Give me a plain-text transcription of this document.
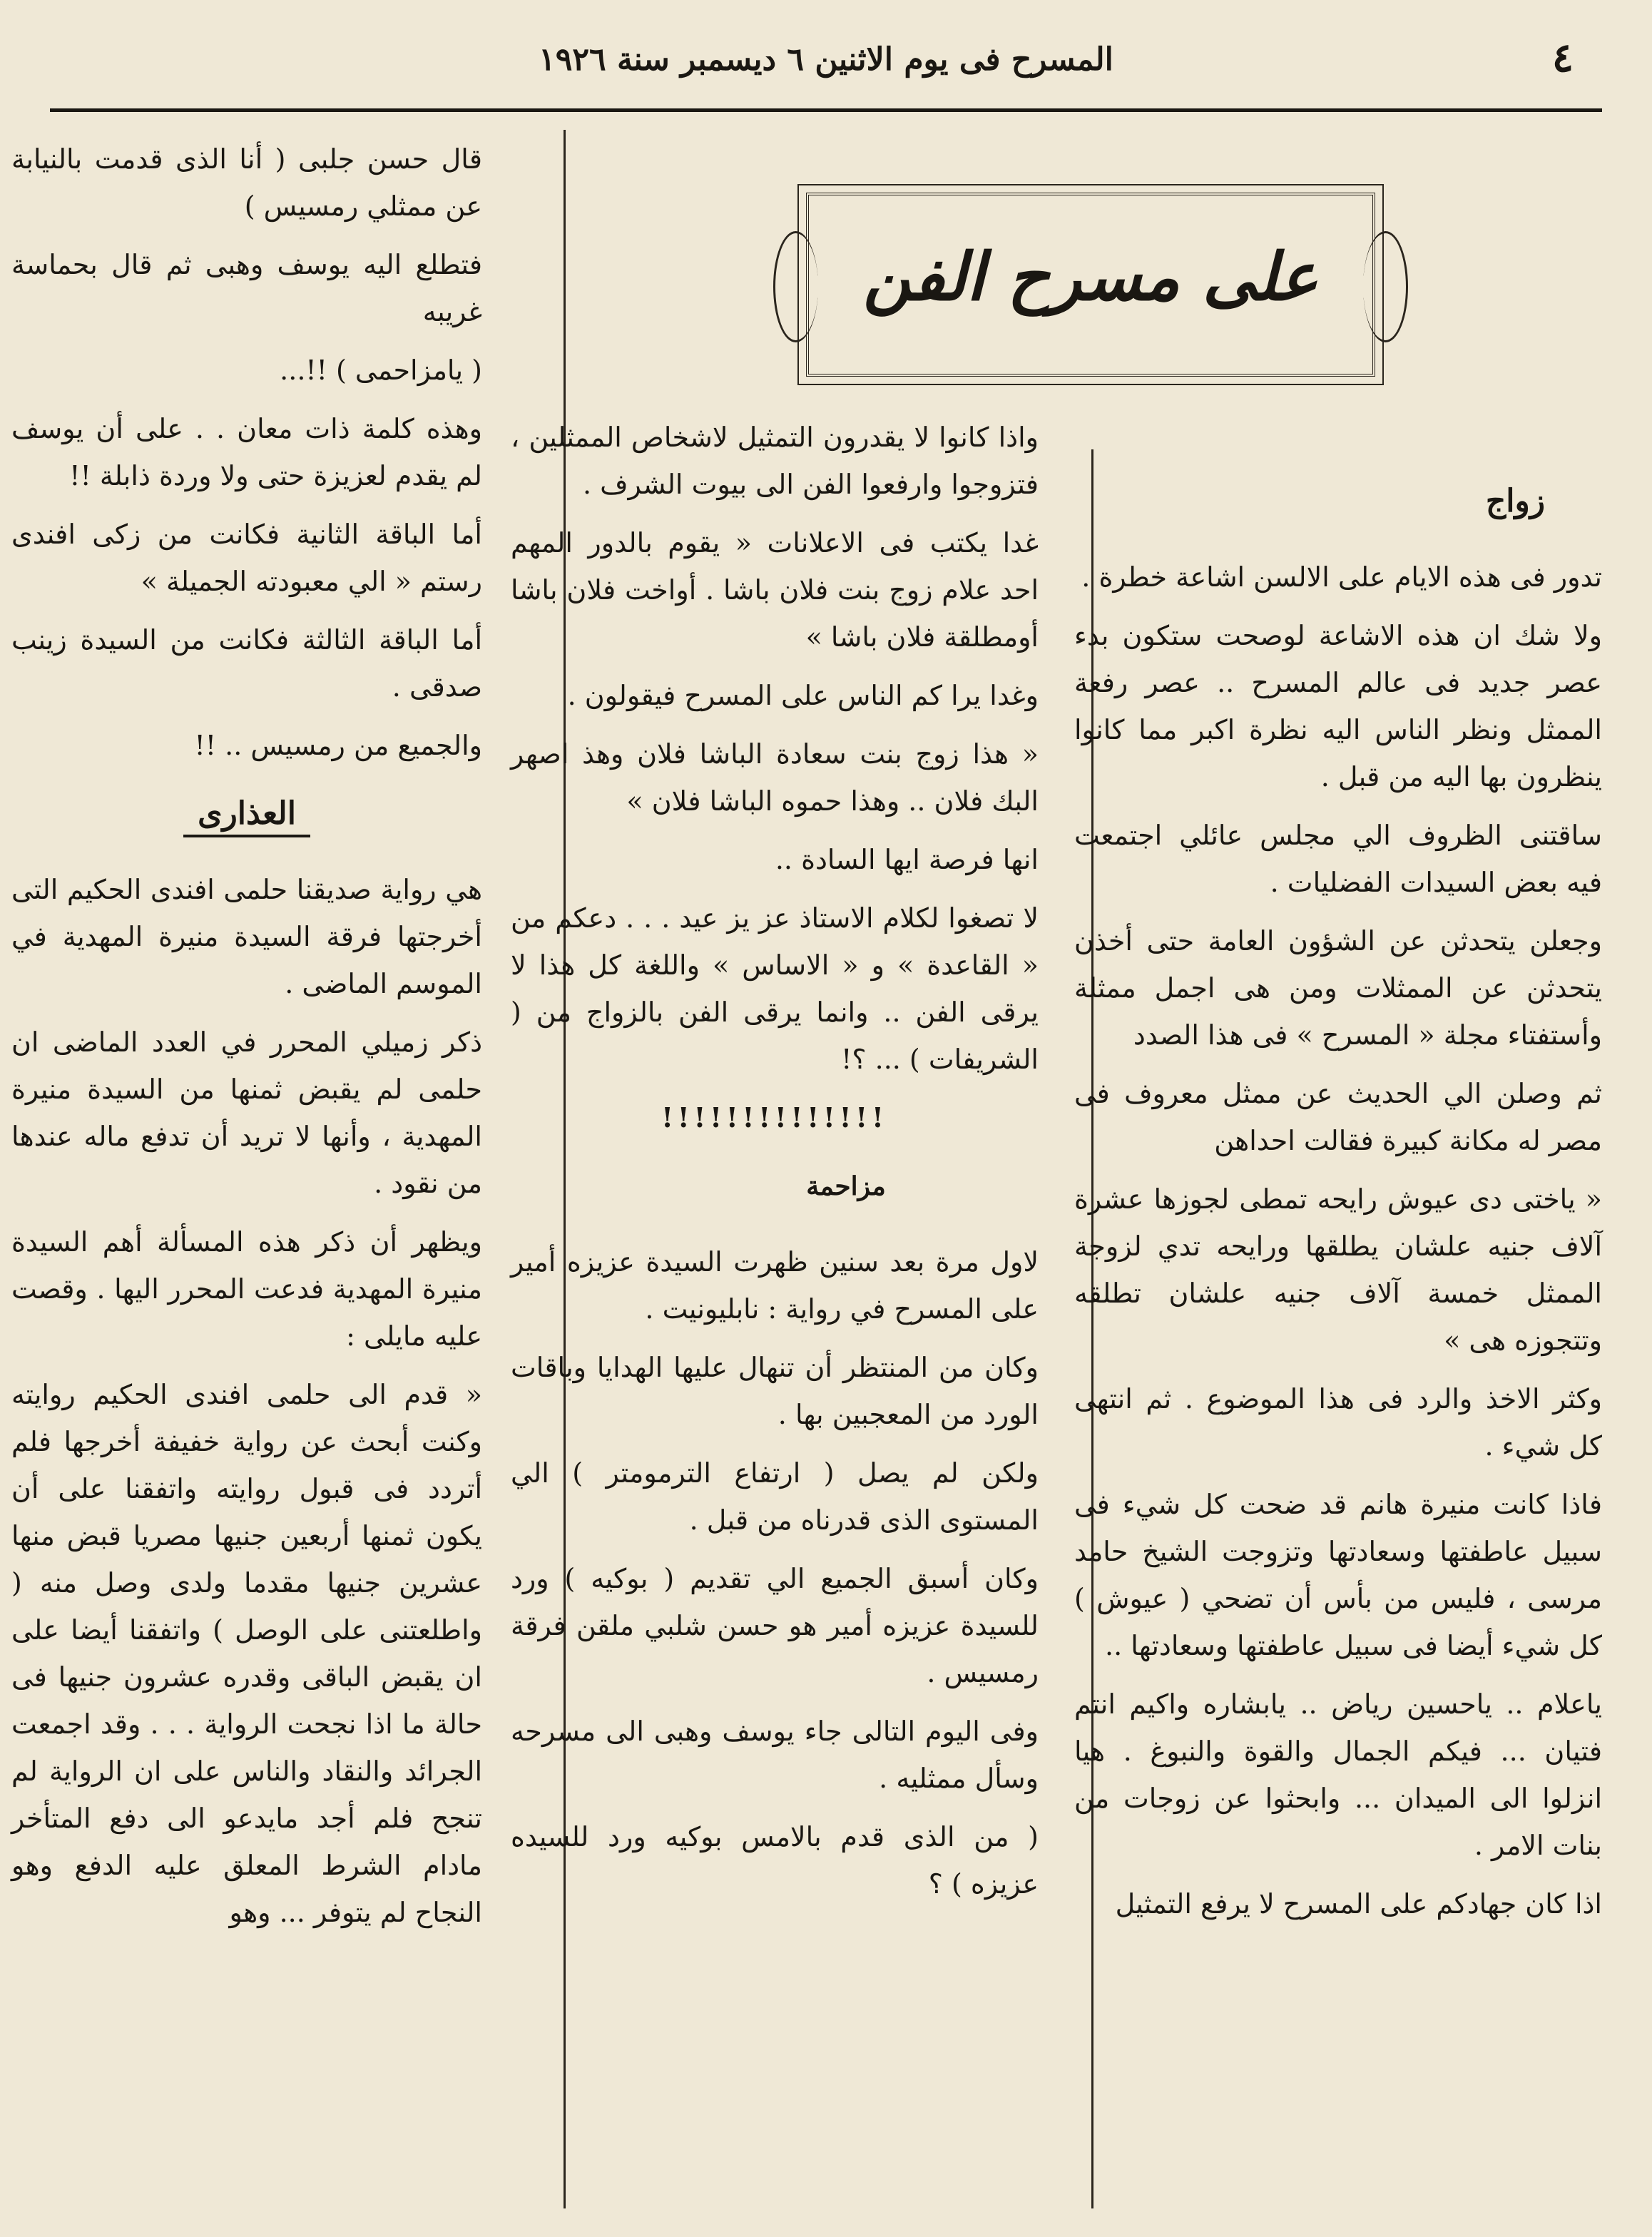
٤
المسرح فى يوم الاثنين ٦ ديسمبر سنة ١٩٢٦
على مسرح الفن
زواج

تدور فى هذه الايام على الالسن اشاعة خطرة .

ولا شك ان هذه الاشاعة لوصحت ستكون بدء عصر جديد فى عالم المسرح .. عصر رفعة الممثل ونظر الناس اليه نظرة اكبر مما كانوا ينظرون بها اليه من قبل .

ساقتنى الظروف الي مجلس عائلي اجتمعت فيه بعض السيدات الفضليات .

وجعلن يتحدثن عن الشؤون العامة حتى أخذن يتحدثن عن الممثلات ومن هى اجمل ممثلة وأستفتاء مجلة « المسرح » فى هذا الصدد

ثم وصلن الي الحديث عن ممثل معروف فى مصر له مكانة كبيرة فقالت احداهن

« ياختى دى عيوش رايحه تمطى لجوزها عشرة آلاف جنيه علشان يطلقها ورايحه تدي لزوجة الممثل خمسة آلاف جنيه علشان تطلقه وتتجوزه هى »

وكثر الاخذ والرد فى هذا الموضوع . ثم انتهى كل شيء .

فاذا كانت منيرة هانم قد ضحت كل شيء فى سبيل عاطفتها وسعادتها وتزوجت الشيخ حامد مرسى ، فليس من بأس أن تضحي ( عيوش ) كل شيء أيضا فى سبيل عاطفتها وسعادتها ..

ياعلام .. ياحسين رياض .. يابشاره واكيم انتم فتيان ... فيكم الجمال والقوة والنبوغ . هيا انزلوا الى الميدان ... وابحثوا عن زوجات من بنات الامر .

اذا كان جهادكم على المسرح لا يرفع التمثيل

واذا كانوا لا يقدرون التمثيل لاشخاص الممثلين ، فتزوجوا وارفعوا الفن الى بيوت الشرف .

غدا يكتب فى الاعلانات « يقوم بالدور المهم احد علام زوج بنت فلان باشا . أواخت فلان باشا أومطلقة فلان باشا »

وغدا يرا كم الناس على المسرح فيقولون .

« هذا زوج بنت سعادة الباشا فلان وهذ اصهر البك فلان .. وهذا حموه الباشا فلان »

انها فرصة ايها السادة ..

لا تصغوا لكلام الاستاذ عز يز عيد . . . دعكم من « القاعدة » و « الاساس » واللغة كل هذا لا يرقى الفن .. وانما يرقى الفن بالزواج من ( الشريفات ) ... ؟!

!!!!!!!!!!!!!!

مزاحمة

لاول مرة بعد سنين ظهرت السيدة عزيزه أمير على المسرح في رواية : نابليونيت .

وكان من المنتظر أن تنهال عليها الهدايا وباقات الورد من المعجبين بها .

ولكن لم يصل ( ارتفاع الترمومتر ) الي المستوى الذى قدرناه من قبل .

وكان أسبق الجميع الي تقديم ( بوكيه ) ورد للسيدة عزيزه أمير هو حسن شلبي ملقن فرقة رمسيس .

وفى اليوم التالى جاء يوسف وهبى الى مسرحه وسأل ممثليه .

( من الذى قدم بالامس بوكيه ورد للسيده عزيزه ) ؟

قال حسن جلبى ( أنا الذى قدمت بالنيابة عن ممثلي رمسيس )

فتطلع اليه يوسف وهبى ثم قال بحماسة غريبه

( يامزاحمى ) !!...

وهذه كلمة ذات معان . . على أن يوسف لم يقدم لعزيزة حتى ولا وردة ذابلة !!

أما الباقة الثانية فكانت من زكى افندى رستم « الي معبودته الجميلة »

أما الباقة الثالثة فكانت من السيدة زينب صدقى .

والجميع من رمسيس .. !!

العذارى

هي رواية صديقنا حلمى افندى الحكيم التى أخرجتها فرقة السيدة منيرة المهدية في الموسم الماضى .

ذكر زميلي المحرر في العدد الماضى ان حلمى لم يقبض ثمنها من السيدة منيرة المهدية ، وأنها لا تريد أن تدفع ماله عندها من نقود .

ويظهر أن ذكر هذه المسألة أهم السيدة منيرة المهدية فدعت المحرر اليها . وقصت عليه مايلى :

« قدم الى حلمى افندى الحكيم روايته وكنت أبحث عن رواية خفيفة أخرجها فلم أتردد فى قبول روايته واتفقنا على أن يكون ثمنها أربعين جنيها مصريا قبض منها عشرين جنيها مقدما ولدى وصل منه ( واطلعتنى على الوصل ) واتفقنا أيضا على ان يقبض الباقى وقدره عشرون جنيها فى حالة ما اذا نجحت الرواية . . . وقد اجمعت الجرائد والنقاد والناس على ان الرواية لم تنجح فلم أجد مايدعو الى دفع المتأخر مادام الشرط المعلق عليه الدفع وهو النجاح لم يتوفر ... وهو
